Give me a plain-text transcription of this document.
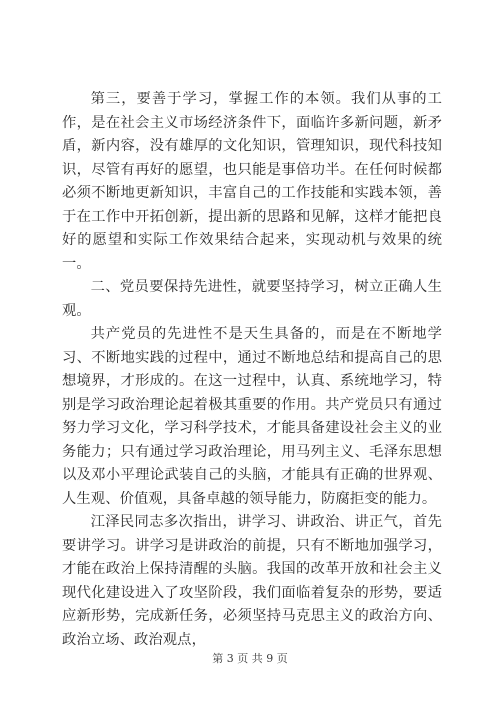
第三，要善于学习，掌握工作的本领。我们从事的工作，是在社会主义市场经济条件下，面临许多新问题，新矛盾，新内容，没有雄厚的文化知识，管理知识，现代科技知识，尽管有再好的愿望，也只能是事倍功半。在任何时候都必须不断地更新知识，丰富自己的工作技能和实践本领，善于在工作中开拓创新，提出新的思路和见解，这样才能把良好的愿望和实际工作效果结合起来，实现动机与效果的统一。

二、党员要保持先进性，就要坚持学习，树立正确人生观。

共产党员的先进性不是天生具备的，而是在不断地学习、不断地实践的过程中，通过不断地总结和提高自己的思想境界，才形成的。在这一过程中，认真、系统地学习，特别是学习政治理论起着极其重要的作用。共产党员只有通过努力学习文化，学习科学技术，才能具备建设社会主义的业务能力；只有通过学习政治理论，用马列主义、毛泽东思想以及邓小平理论武装自己的头脑，才能具有正确的世界观、人生观、价值观，具备卓越的领导能力，防腐拒变的能力。

江泽民同志多次指出，讲学习、讲政治、讲正气，首先要讲学习。讲学习是讲政治的前提，只有不断地加强学习，才能在政治上保持清醒的头脑。我国的改革开放和社会主义现代化建设进入了攻坚阶段，我们面临着复杂的形势，要适应新形势，完成新任务，必须坚持马克思主义的政治方向、政治立场、政治观点，

第 3 页 共 9 页
